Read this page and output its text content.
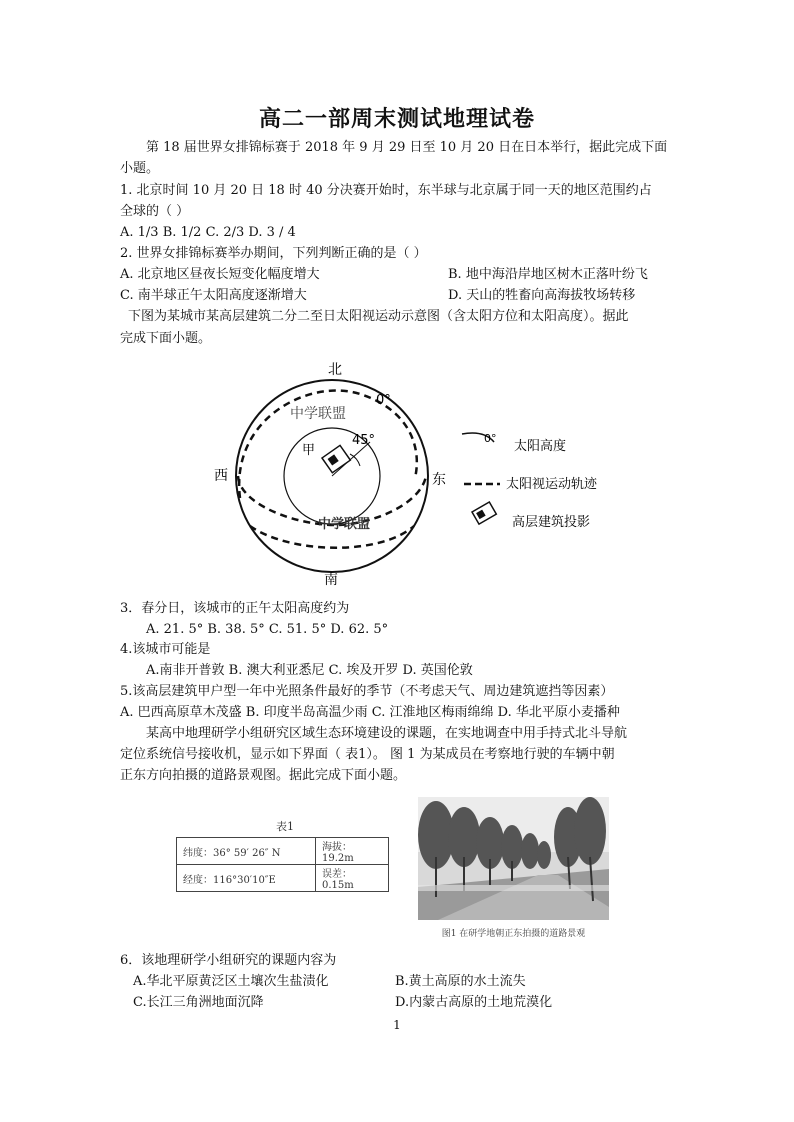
高二一部周末测试地理试卷
第 18 届世界女排锦标赛于 2018 年 9 月 29 日至 10 月 20 日在日本举行，据此完成下面
小题。
1. 北京时间 10 月 20 日 18 时 40 分决赛开始时，东半球与北京属于同一天的地区范围约占
全球的（ ）
A. 1/3 B. 1/2 C. 2/3 D. 3 / 4
2. 世界女排锦标赛举办期间，下列判断正确的是（ ）
A. 北京地区昼夜长短变化幅度增大	B. 地中海沿岸地区树木正落叶纷飞
C. 南半球正午太阳高度逐渐增大	D. 天山的牲畜向高海拔牧场转移
下图为某城市某高层建筑二分二至日太阳视运动示意图（含太阳方位和太阳高度）。据此
完成下面小题。
北
南
西	东
0°
45°
甲
中学联盟
中学联盟
0°
太阳高度
太阳视运动轨迹
高层建筑投影
3．春分日，该城市的正午太阳高度约为
A. 21. 5° B. 38. 5° C. 51. 5° D. 62. 5°
4.该城市可能是
A.南非开普敦 B. 澳大利亚悉尼 C. 埃及开罗 D. 英国伦敦
5.该高层建筑甲户型一年中光照条件最好的季节（不考虑天气、周边建筑遮挡等因素）
A. 巴西高原草木茂盛 B. 印度半岛高温少雨 C. 江淮地区梅雨绵绵 D. 华北平原小麦播种
某高中地理研学小组研究区域生态环境建设的课题，在实地调查中用手持式北斗导航
定位系统信号接收机，显示如下界面（ 表1）。 图 1 为某成员在考察地行驶的车辆中朝
正东方向拍摄的道路景观图。据此完成下面小题。
表1
纬度：36° 59′ 26″ N	海拔：19.2m
经度：116°30′10″E	误差：0.15m
图1 在研学地朝正东拍摄的道路景观
6．该地理研学小组研究的课题内容为
A.华北平原黄泛区土壤次生盐渍化	B.黄土高原的水土流失
C.长江三角洲地面沉降	D.内蒙古高原的土地荒漠化
1
